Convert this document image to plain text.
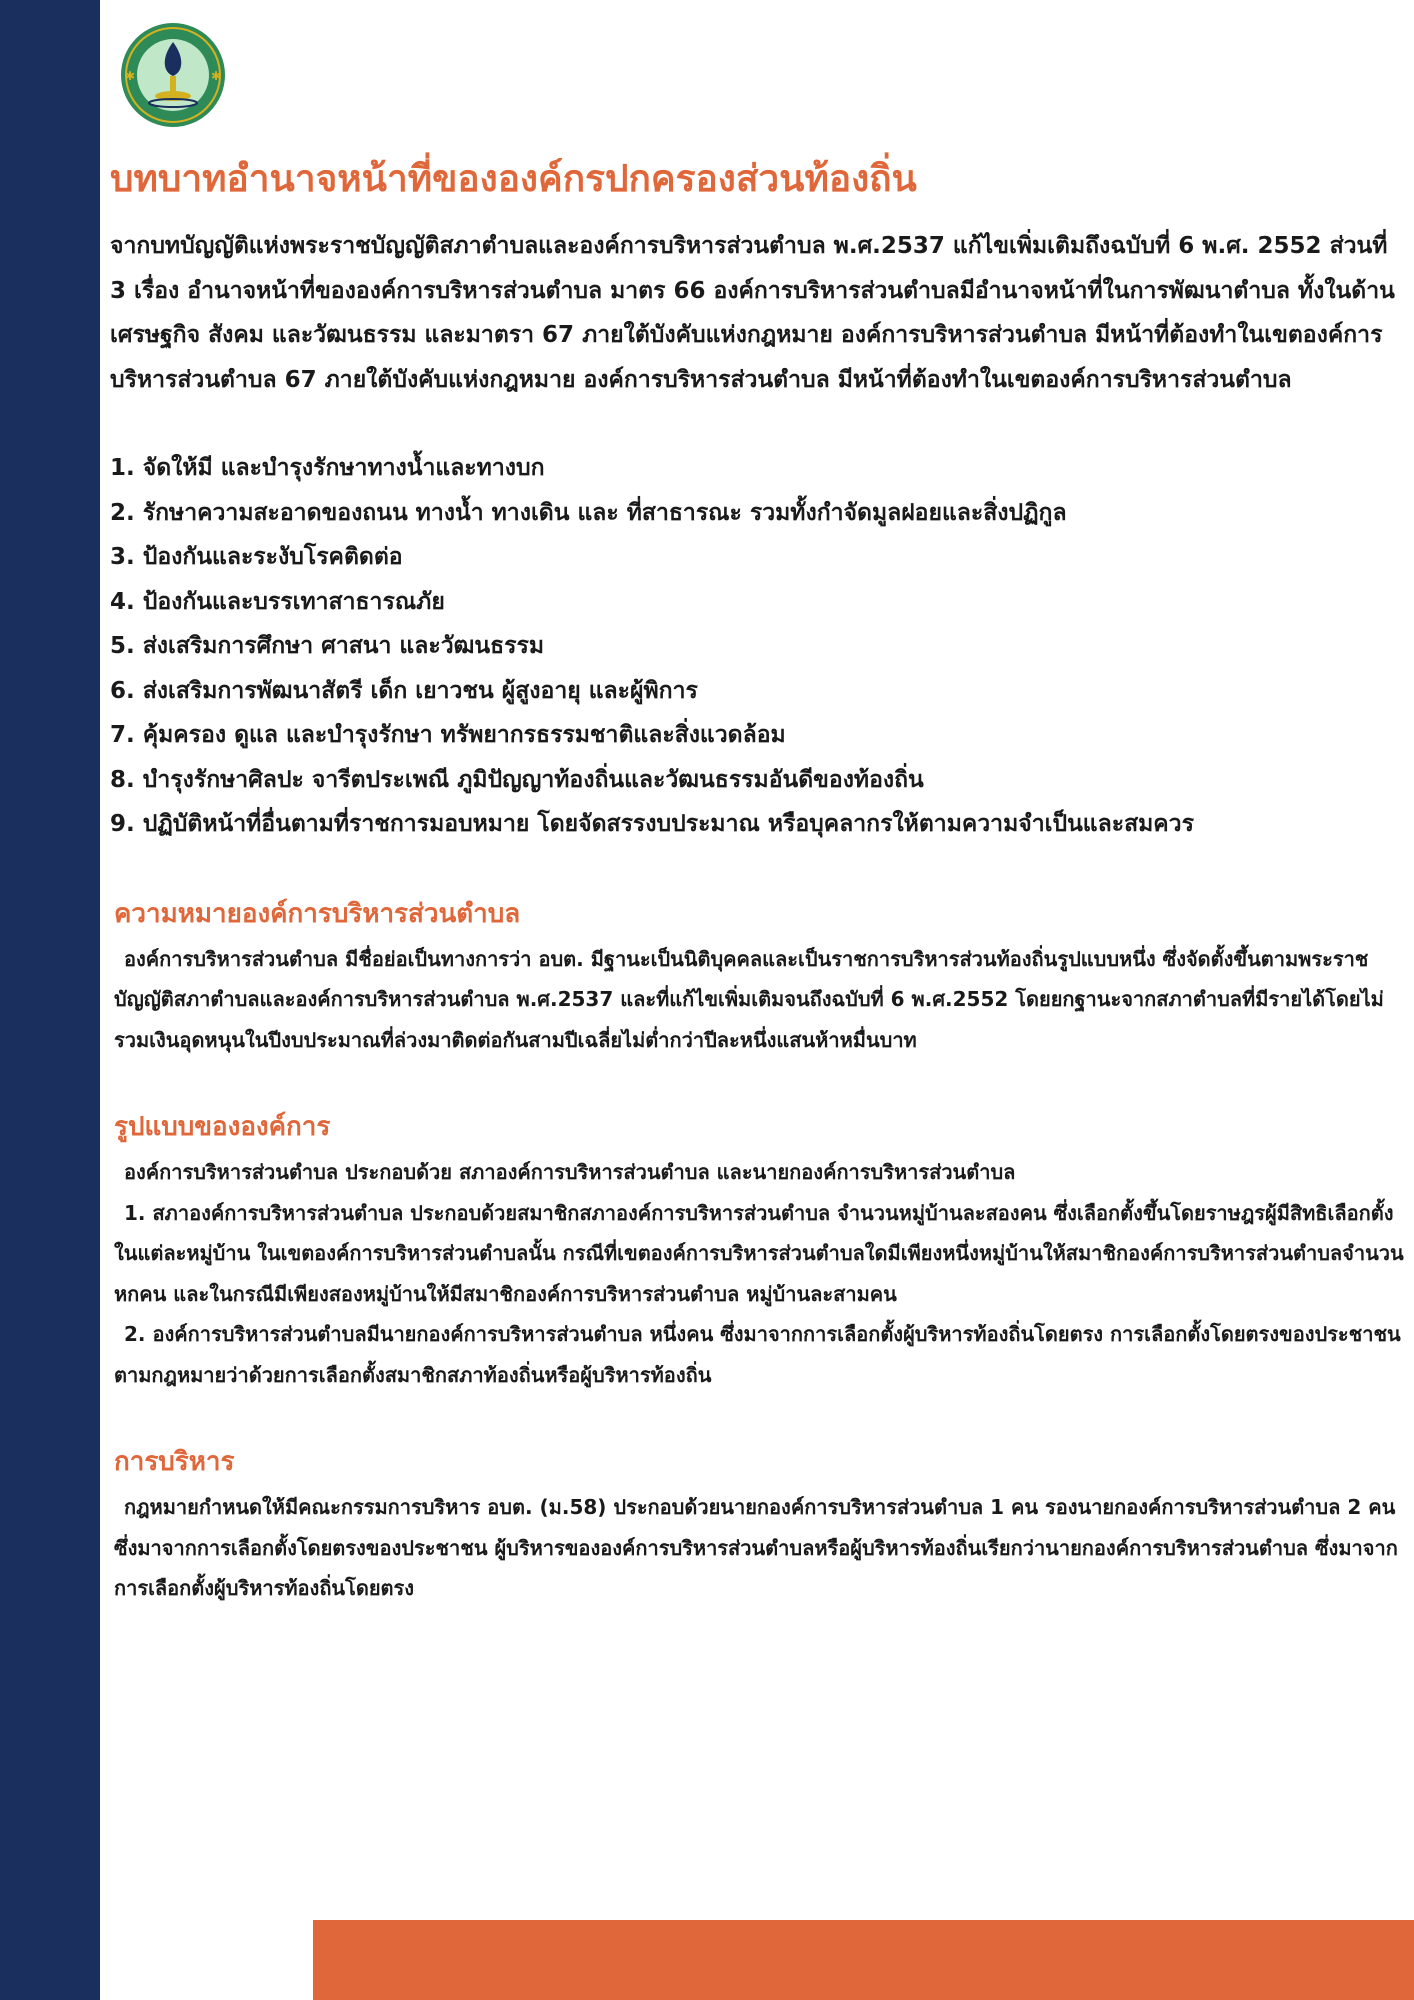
✱	✱
บทบาทอำนาจหน้าที่ขององค์กรปกครองส่วนท้องถิ่น

จากบทบัญญัติแห่งพระราชบัญญัติสภาตำบลและองค์การบริหารส่วนตำบล พ.ศ.2537 แก้ไขเพิ่มเติมถึงฉบับที่ 6 พ.ศ. 2552 ส่วนที่ 3 เรื่อง อำนาจหน้าที่ขององค์การบริหารส่วนตำบล มาตร 66 องค์การบริหารส่วนตำบลมีอำนาจหน้าที่ในการพัฒนาตำบล ทั้งในด้านเศรษฐกิจ สังคม และวัฒนธรรม และมาตรา 67 ภายใต้บังคับแห่งกฎหมาย องค์การบริหารส่วนตำบล มีหน้าที่ต้องทำในเขตองค์การบริหารส่วนตำบล 67 ภายใต้บังคับแห่งกฎหมาย องค์การบริหารส่วนตำบล มีหน้าที่ต้องทำในเขตองค์การบริหารส่วนตำบล

1. จัดให้มี และบำรุงรักษาทางน้ำและทางบก
2. รักษาความสะอาดของถนน ทางน้ำ ทางเดิน และ ที่สาธารณะ รวมทั้งกำจัดมูลฝอยและสิ่งปฏิกูล
3. ป้องกันและระงับโรคติดต่อ
4. ป้องกันและบรรเทาสาธารณภัย
5. ส่งเสริมการศึกษา ศาสนา และวัฒนธรรม
6. ส่งเสริมการพัฒนาสัตรี เด็ก เยาวชน ผู้สูงอายุ และผู้พิการ
7. คุ้มครอง ดูแล และบำรุงรักษา ทรัพยากรธรรมชาติและสิ่งแวดล้อม
8. บำรุงรักษาศิลปะ จารีตประเพณี ภูมิปัญญาท้องถิ่นและวัฒนธรรมอันดีของท้องถิ่น
9. ปฏิบัติหน้าที่อื่นตามที่ราชการมอบหมาย โดยจัดสรรงบประมาณ หรือบุคลากรให้ตามความจำเป็นและสมควร
ความหมายองค์การบริหารส่วนตำบล

องค์การบริหารส่วนตำบล มีชื่อย่อเป็นทางการว่า อบต. มีฐานะเป็นนิติบุคคลและเป็นราชการบริหารส่วนท้องถิ่นรูปแบบหนึ่ง ซึ่งจัดตั้งขึ้นตามพระราชบัญญัติสภาตำบลและองค์การบริหารส่วนตำบล พ.ศ.2537 และที่แก้ไขเพิ่มเติมจนถึงฉบับที่ 6 พ.ศ.2552 โดยยกฐานะจากสภาตำบลที่มีรายได้โดยไม่รวมเงินอุดหนุนในปีงบประมาณที่ล่วงมาติดต่อกันสามปีเฉลี่ยไม่ต่ำกว่าปีละหนึ่งแสนห้าหมื่นบาท

รูปแบบขององค์การ

องค์การบริหารส่วนตำบล ประกอบด้วย สภาองค์การบริหารส่วนตำบล และนายกองค์การบริหารส่วนตำบล

1. สภาองค์การบริหารส่วนตำบล ประกอบด้วยสมาชิกสภาองค์การบริหารส่วนตำบล จำนวนหมู่บ้านละสองคน ซึ่งเลือกตั้งขึ้นโดยราษฎรผู้มีสิทธิเลือกตั้งในแต่ละหมู่บ้าน ในเขตองค์การบริหารส่วนตำบลนั้น กรณีที่เขตองค์การบริหารส่วนตำบลใดมีเพียงหนึ่งหมู่บ้านให้สมาชิกองค์การบริหารส่วนตำบลจำนวนหกคน และในกรณีมีเพียงสองหมู่บ้านให้มีสมาชิกองค์การบริหารส่วนตำบล หมู่บ้านละสามคน

2. องค์การบริหารส่วนตำบลมีนายกองค์การบริหารส่วนตำบล หนึ่งคน ซึ่งมาจากการเลือกตั้งผู้บริหารท้องถิ่นโดยตรง การเลือกตั้งโดยตรงของประชาชนตามกฎหมายว่าด้วยการเลือกตั้งสมาชิกสภาท้องถิ่นหรือผู้บริหารท้องถิ่น

การบริหาร

กฎหมายกำหนดให้มีคณะกรรมการบริหาร อบต. (ม.58) ประกอบด้วยนายกองค์การบริหารส่วนตำบล 1 คน รองนายกองค์การบริหารส่วนตำบล 2 คน ซึ่งมาจากการเลือกตั้งโดยตรงของประชาชน ผู้บริหารขององค์การบริหารส่วนตำบลหรือผู้บริหารท้องถิ่นเรียกว่านายกองค์การบริหารส่วนตำบล ซึ่งมาจากการเลือกตั้งผู้บริหารท้องถิ่นโดยตรง
